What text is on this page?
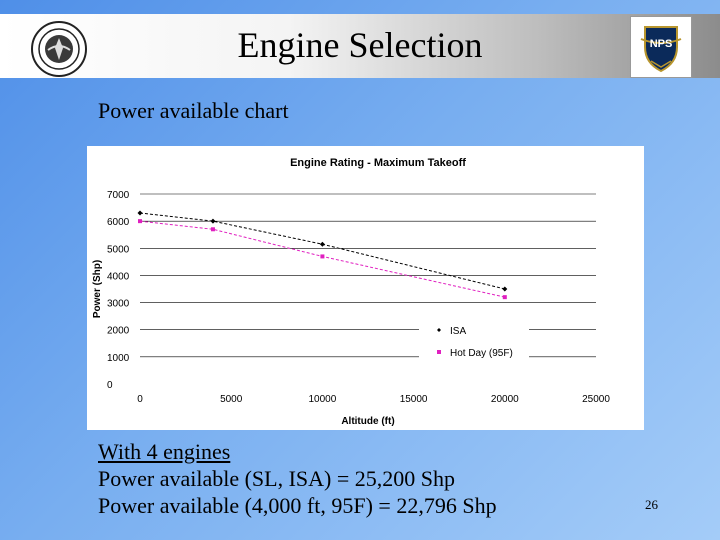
Engine Selection	NPS
Power available chart
Engine Rating - Maximum Takeoff
0
1000
2000
3000
4000
5000
6000
7000
0	5000	10000	15000	20000	25000
Altitude (ft)
Power (Shp)
ISA
Hot Day (95F)
With 4 engines
Power available (SL, ISA) = 25,200 Shp
Power available (4,000 ft, 95F) = 22,796 Shp	26
